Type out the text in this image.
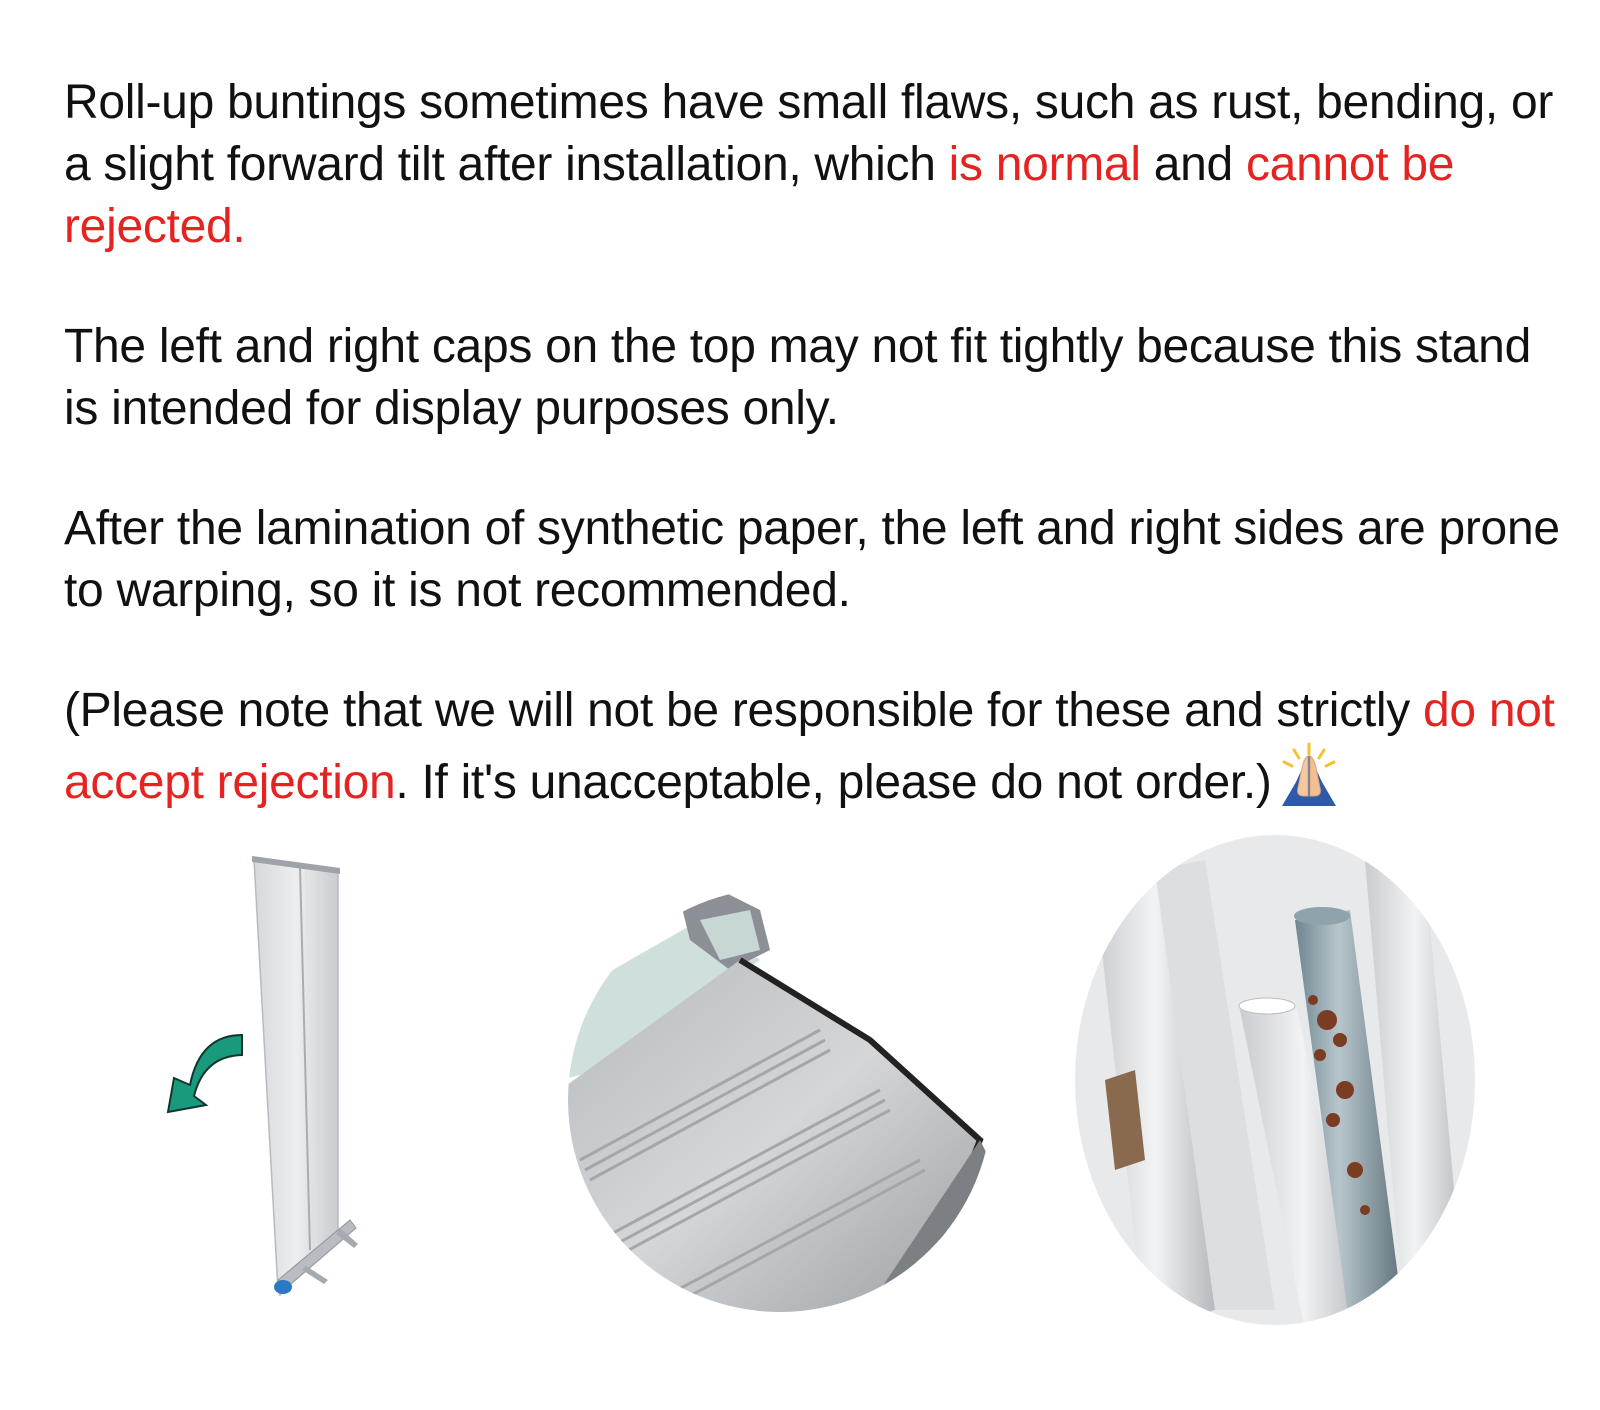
Roll-up buntings sometimes have small flaws, such as rust, bending, or a slight forward tilt after installation, which is normal and cannot be rejected.

The left and right caps on the top may not fit tightly because this stand is intended for display purposes only.

After the lamination of synthetic paper, the left and right sides are prone to warping, so it is not recommended.

(Please note that we will not be responsible for these and strictly do not accept rejection. If it's unacceptable, please do not order.)
